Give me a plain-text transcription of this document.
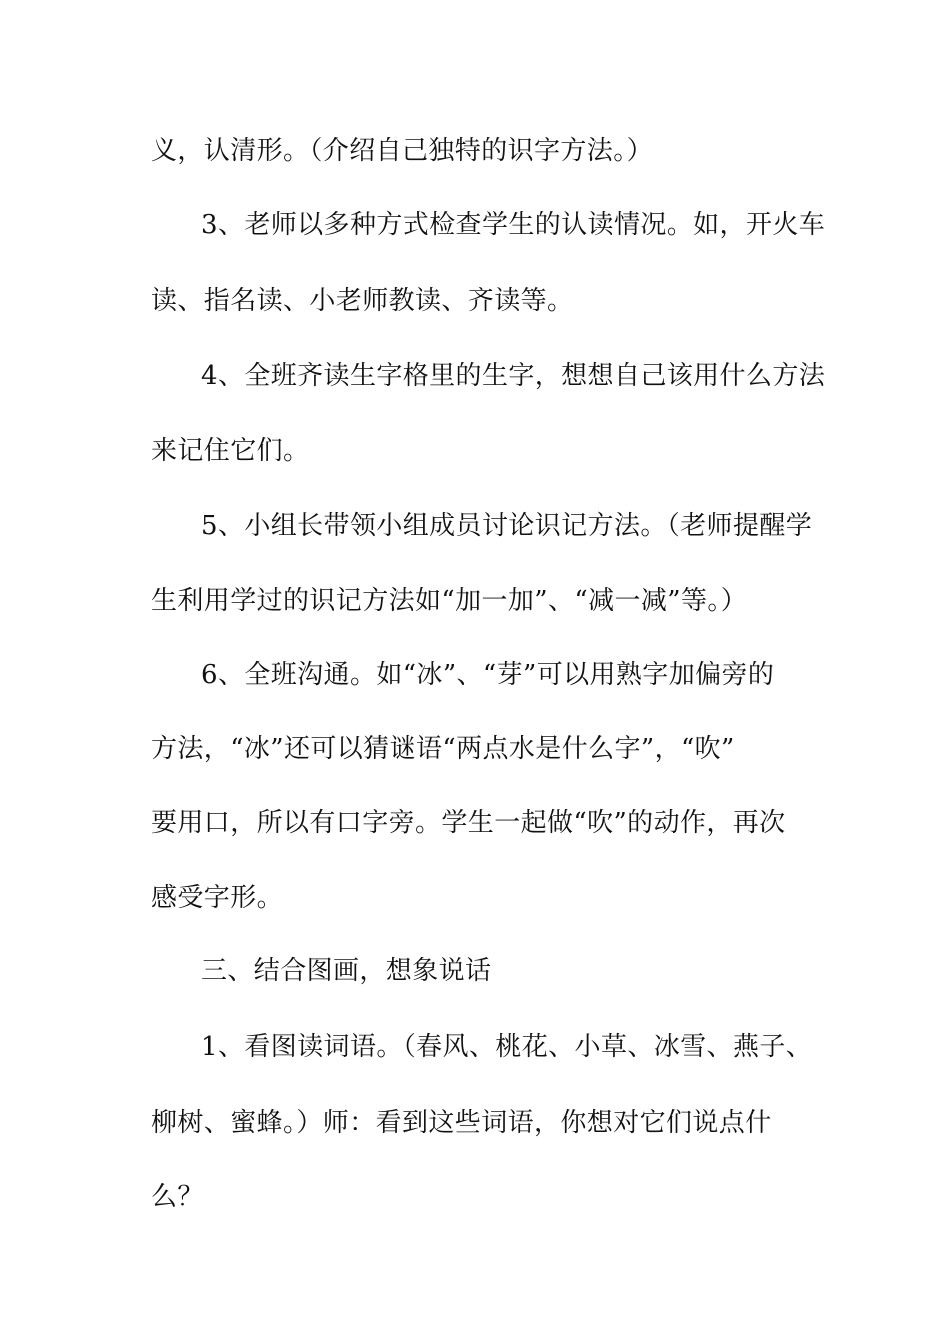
义，认清形。（介绍自己独特的识字方法。）
3、老师以多种方式检查学生的认读情况。如，开火车
读、指名读、小老师教读、齐读等。
4、全班齐读生字格里的生字，想想自己该用什么方法
来记住它们。
5、小组长带领小组成员讨论识记方法。（老师提醒学
生利用学过的识记方法如“加一加”、“减一减”等。）
6、全班沟通。如“冰”、“芽”可以用熟字加偏旁的
方法，“冰”还可以猜谜语“两点水是什么字”，“吹”
要用口，所以有口字旁。学生一起做“吹”的动作，再次
感受字形。
三、结合图画，想象说话
1、看图读词语。（春风、桃花、小草、冰雪、燕子、
柳树、蜜蜂。）师：看到这些词语，你想对它们说点什
么？
